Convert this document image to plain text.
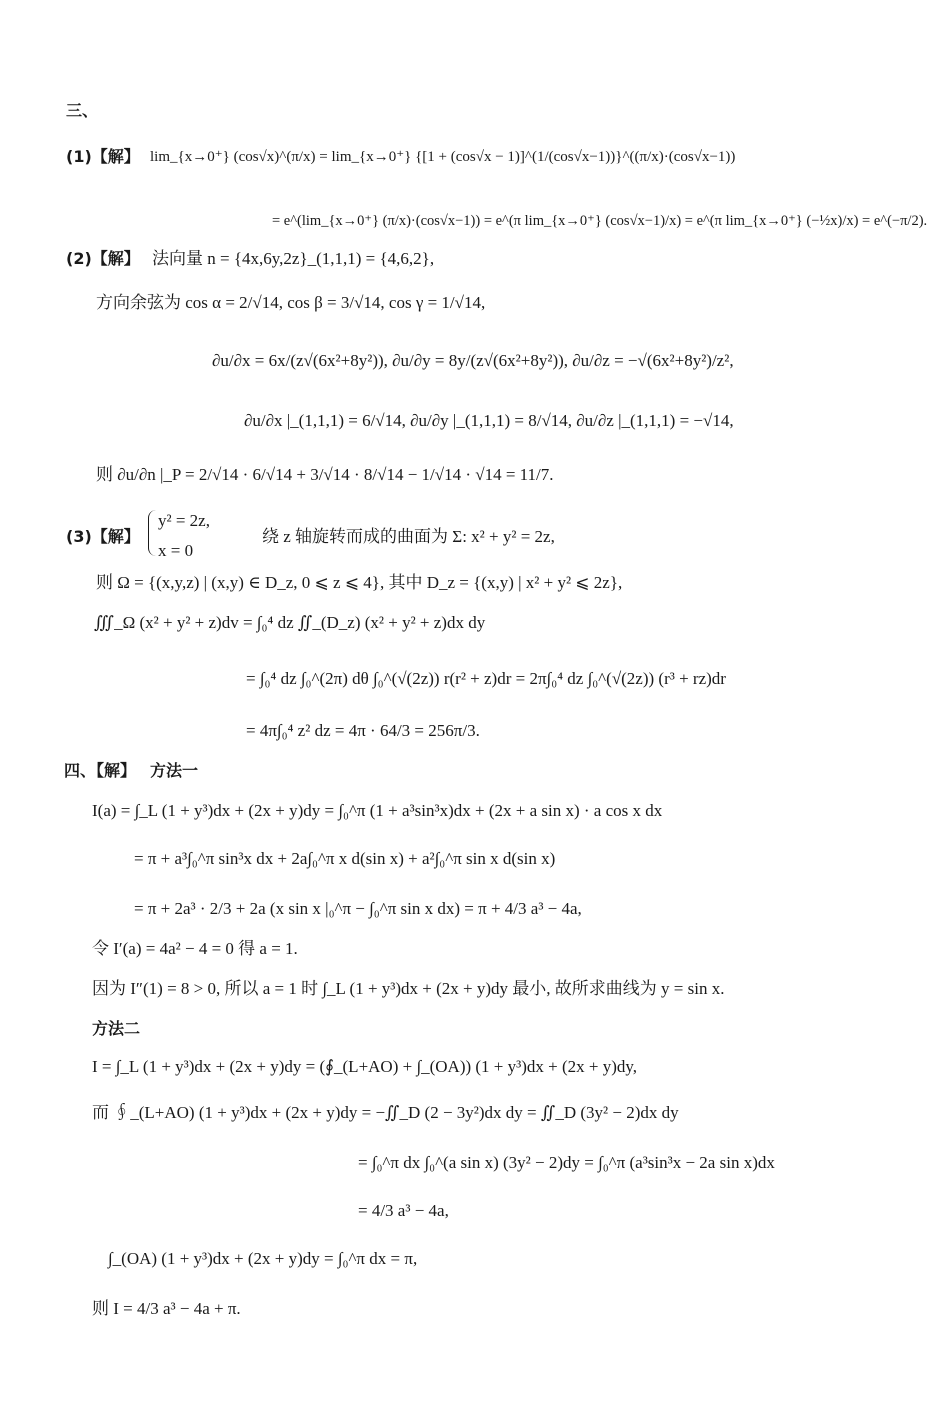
三、
(1)【解】 lim_{x→0⁺} (cos√x)^(π/x) = lim_{x→0⁺} {[1 + (cos√x − 1)]^(1/(cos√x−1))}^((π/x)·(cos√x−1))
= e^(lim_{x→0⁺} (π/x)·(cos√x−1)) = e^(π lim_{x→0⁺} (cos√x−1)/x) = e^(π lim_{x→0⁺} (−½x)/x) = e^(−π/2).
(2)【解】 法向量 n = {4x,6y,2z}_(1,1,1) = {4,6,2},
方向余弦为 cos α = 2/√14, cos β = 3/√14, cos γ = 1/√14,
∂u/∂x = 6x/(z√(6x²+8y²)), ∂u/∂y = 8y/(z√(6x²+8y²)), ∂u/∂z = −√(6x²+8y²)/z²,
∂u/∂x |_(1,1,1) = 6/√14, ∂u/∂y |_(1,1,1) = 8/√14, ∂u/∂z |_(1,1,1) = −√14,
则 ∂u/∂n |_P = 2/√14 · 6/√14 + 3/√14 · 8/√14 − 1/√14 · √14 = 11/7.
(3)【解】
y² = 2z,
x = 0
绕 z 轴旋转而成的曲面为 Σ: x² + y² = 2z,
则 Ω = {(x,y,z) | (x,y) ∈ D_z, 0 ⩽ z ⩽ 4}, 其中 D_z = {(x,y) | x² + y² ⩽ 2z},
∭_Ω (x² + y² + z)dv = ∫₀⁴ dz ∬_(D_z) (x² + y² + z)dx dy
= ∫₀⁴ dz ∫₀^(2π) dθ ∫₀^(√(2z)) r(r² + z)dr = 2π∫₀⁴ dz ∫₀^(√(2z)) (r³ + rz)dr
= 4π∫₀⁴ z² dz = 4π · 64/3 = 256π/3.
四、【解】 方法一
I(a) = ∫_L (1 + y³)dx + (2x + y)dy = ∫₀^π (1 + a³sin³x)dx + (2x + a sin x) · a cos x dx
= π + a³∫₀^π sin³x dx + 2a∫₀^π x d(sin x) + a²∫₀^π sin x d(sin x)
= π + 2a³ · 2/3 + 2a (x sin x |₀^π − ∫₀^π sin x dx) = π + 4/3 a³ − 4a,
令 I′(a) = 4a² − 4 = 0 得 a = 1.
因为 I″(1) = 8 > 0, 所以 a = 1 时 ∫_L (1 + y³)dx + (2x + y)dy 最小, 故所求曲线为 y = sin x.
方法二
I = ∫_L (1 + y³)dx + (2x + y)dy = (∮_(L+AO) + ∫_(OA)) (1 + y³)dx + (2x + y)dy,
而 ∮_(L+AO) (1 + y³)dx + (2x + y)dy = −∬_D (2 − 3y²)dx dy = ∬_D (3y² − 2)dx dy
= ∫₀^π dx ∫₀^(a sin x) (3y² − 2)dy = ∫₀^π (a³sin³x − 2a sin x)dx
= 4/3 a³ − 4a,
∫_(OA) (1 + y³)dx + (2x + y)dy = ∫₀^π dx = π,
则 I = 4/3 a³ − 4a + π.
